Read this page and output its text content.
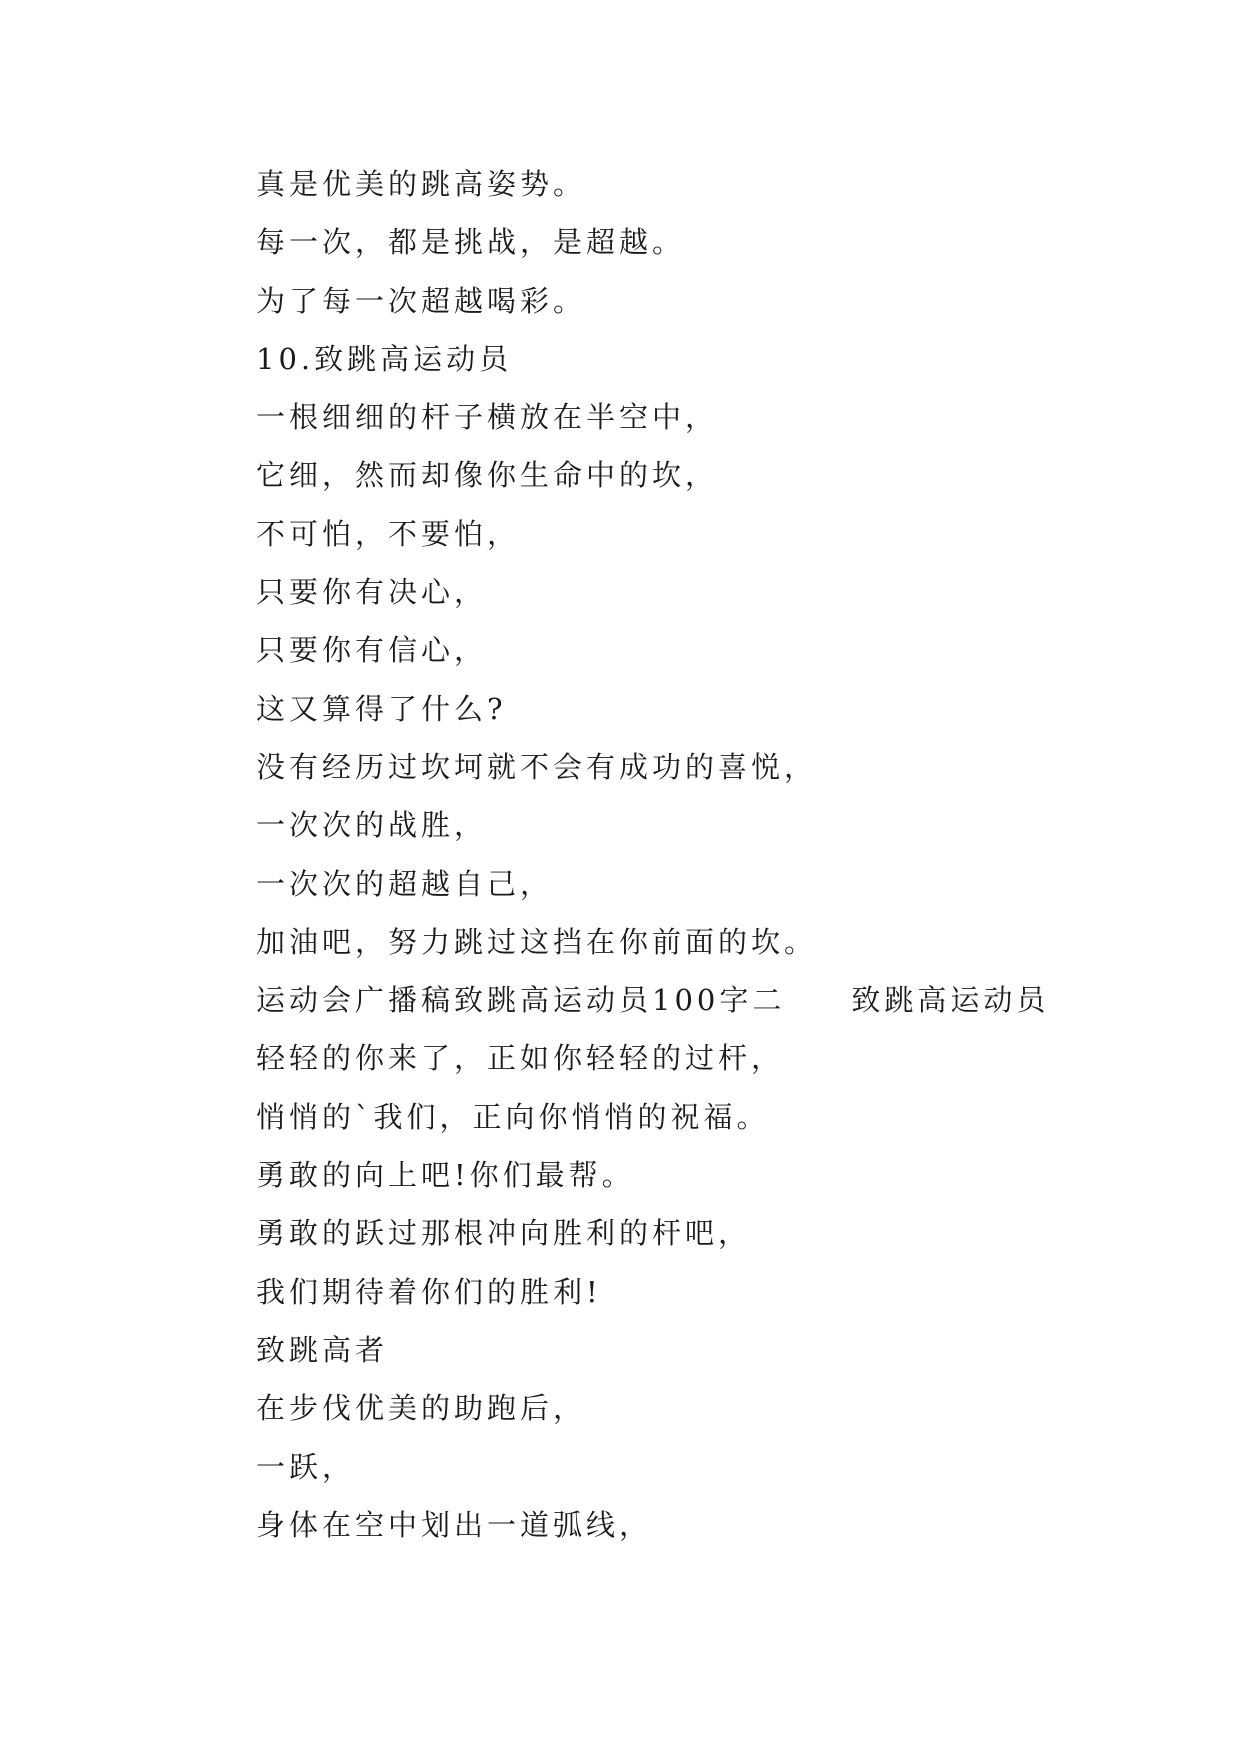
真是优美的跳高姿势。
每一次，都是挑战，是超越。
为了每一次超越喝彩。
10.致跳高运动员
一根细细的杆子横放在半空中，
它细，然而却像你生命中的坎，
不可怕，不要怕，
只要你有决心，
只要你有信心，
这又算得了什么?
没有经历过坎坷就不会有成功的喜悦，
一次次的战胜，
一次次的超越自己，
加油吧，努力跳过这挡在你前面的坎。
运动会广播稿致跳高运动员100字二　　致跳高运动员
轻轻的你来了，正如你轻轻的过杆，
悄悄的`我们，正向你悄悄的祝福。
勇敢的向上吧!你们最帮。
勇敢的跃过那根冲向胜利的杆吧，
我们期待着你们的胜利!
致跳高者
在步伐优美的助跑后，
一跃，
身体在空中划出一道弧线，
